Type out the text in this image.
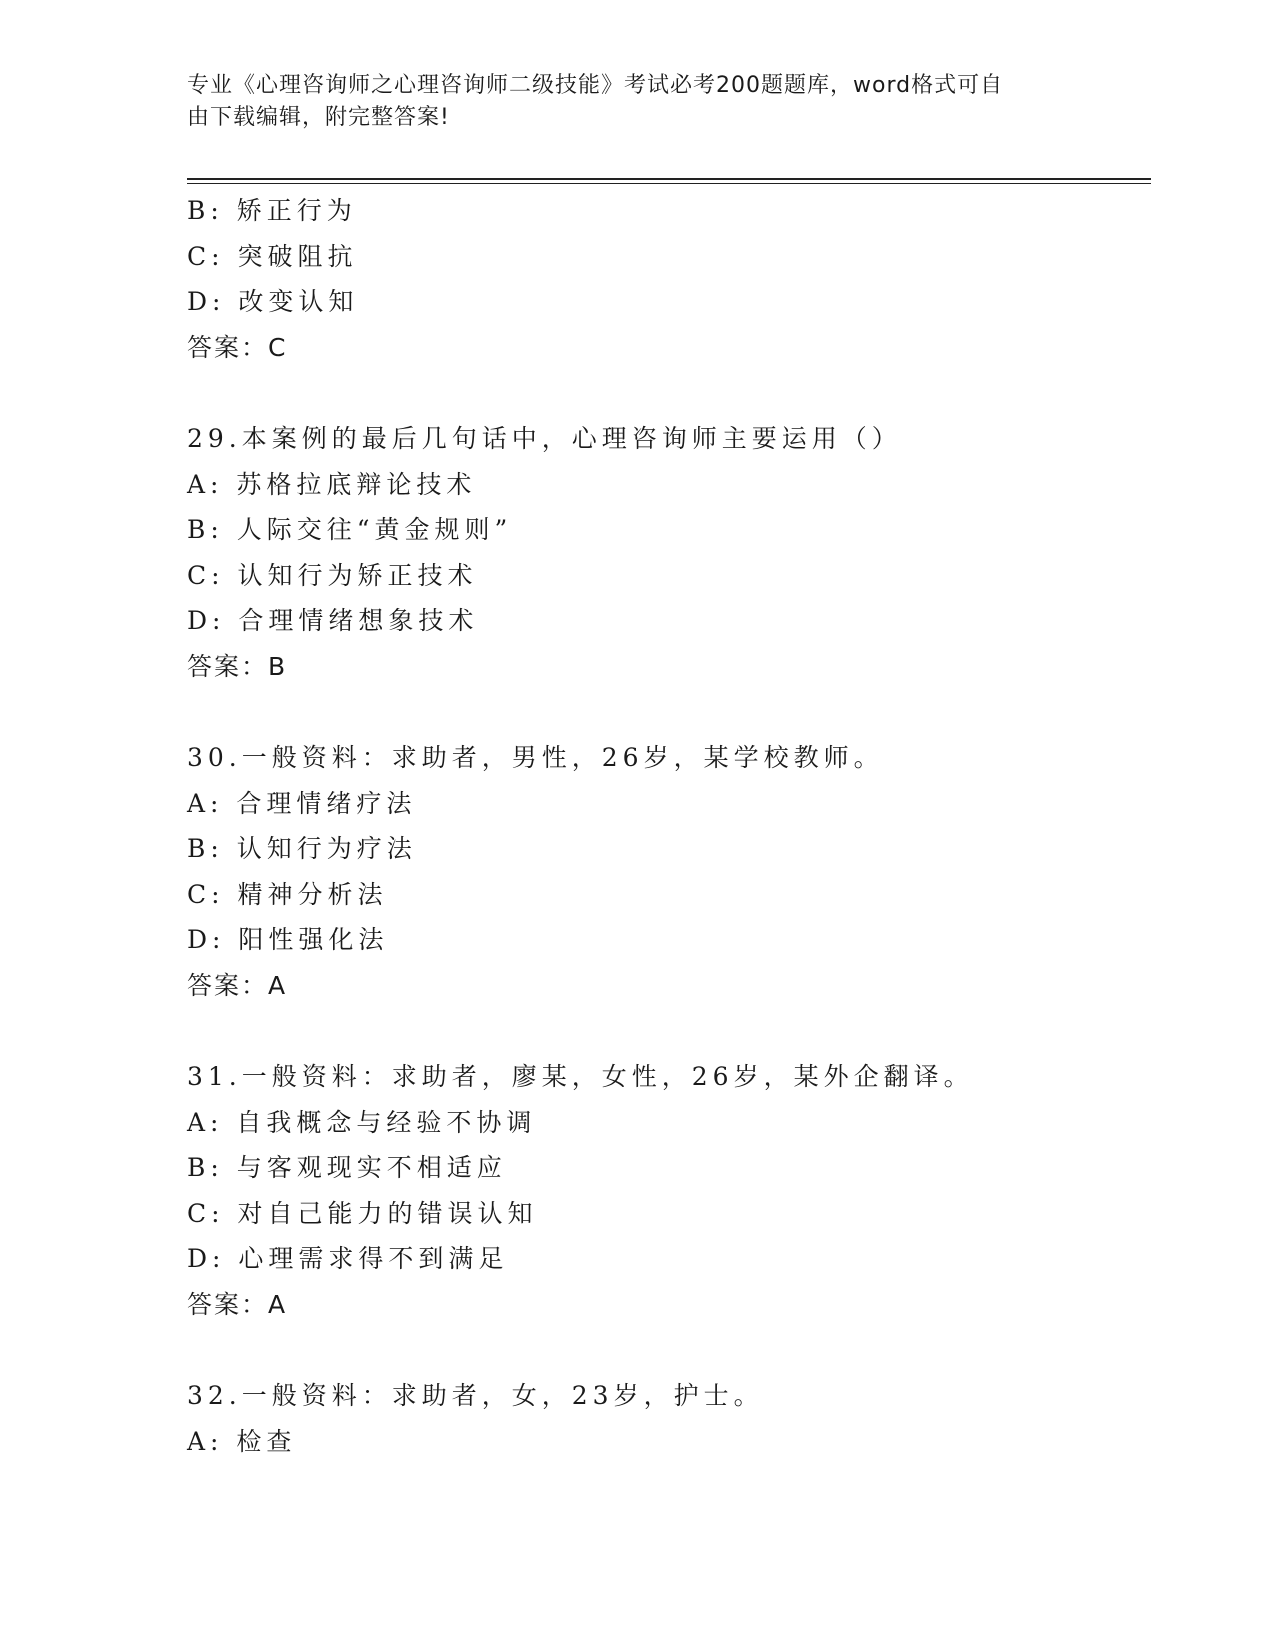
专业《心理咨询师之心理咨询师二级技能》考试必考200题题库，word格式可自
由下载编辑，附完整答案!
B: 矫正行为
C: 突破阻抗
D: 改变认知
答案：C
29.本案例的最后几句话中，心理咨询师主要运用（）
A: 苏格拉底辩论技术
B: 人际交往“黄金规则”
C: 认知行为矫正技术
D: 合理情绪想象技术
答案：B
30.一般资料：求助者，男性，26岁，某学校教师。
A: 合理情绪疗法
B: 认知行为疗法
C: 精神分析法
D: 阳性强化法
答案：A
31.一般资料：求助者，廖某，女性，26岁，某外企翻译。
A: 自我概念与经验不协调
B: 与客观现实不相适应
C: 对自己能力的错误认知
D: 心理需求得不到满足
答案：A
32.一般资料：求助者，女，23岁，护士。
A: 检查
